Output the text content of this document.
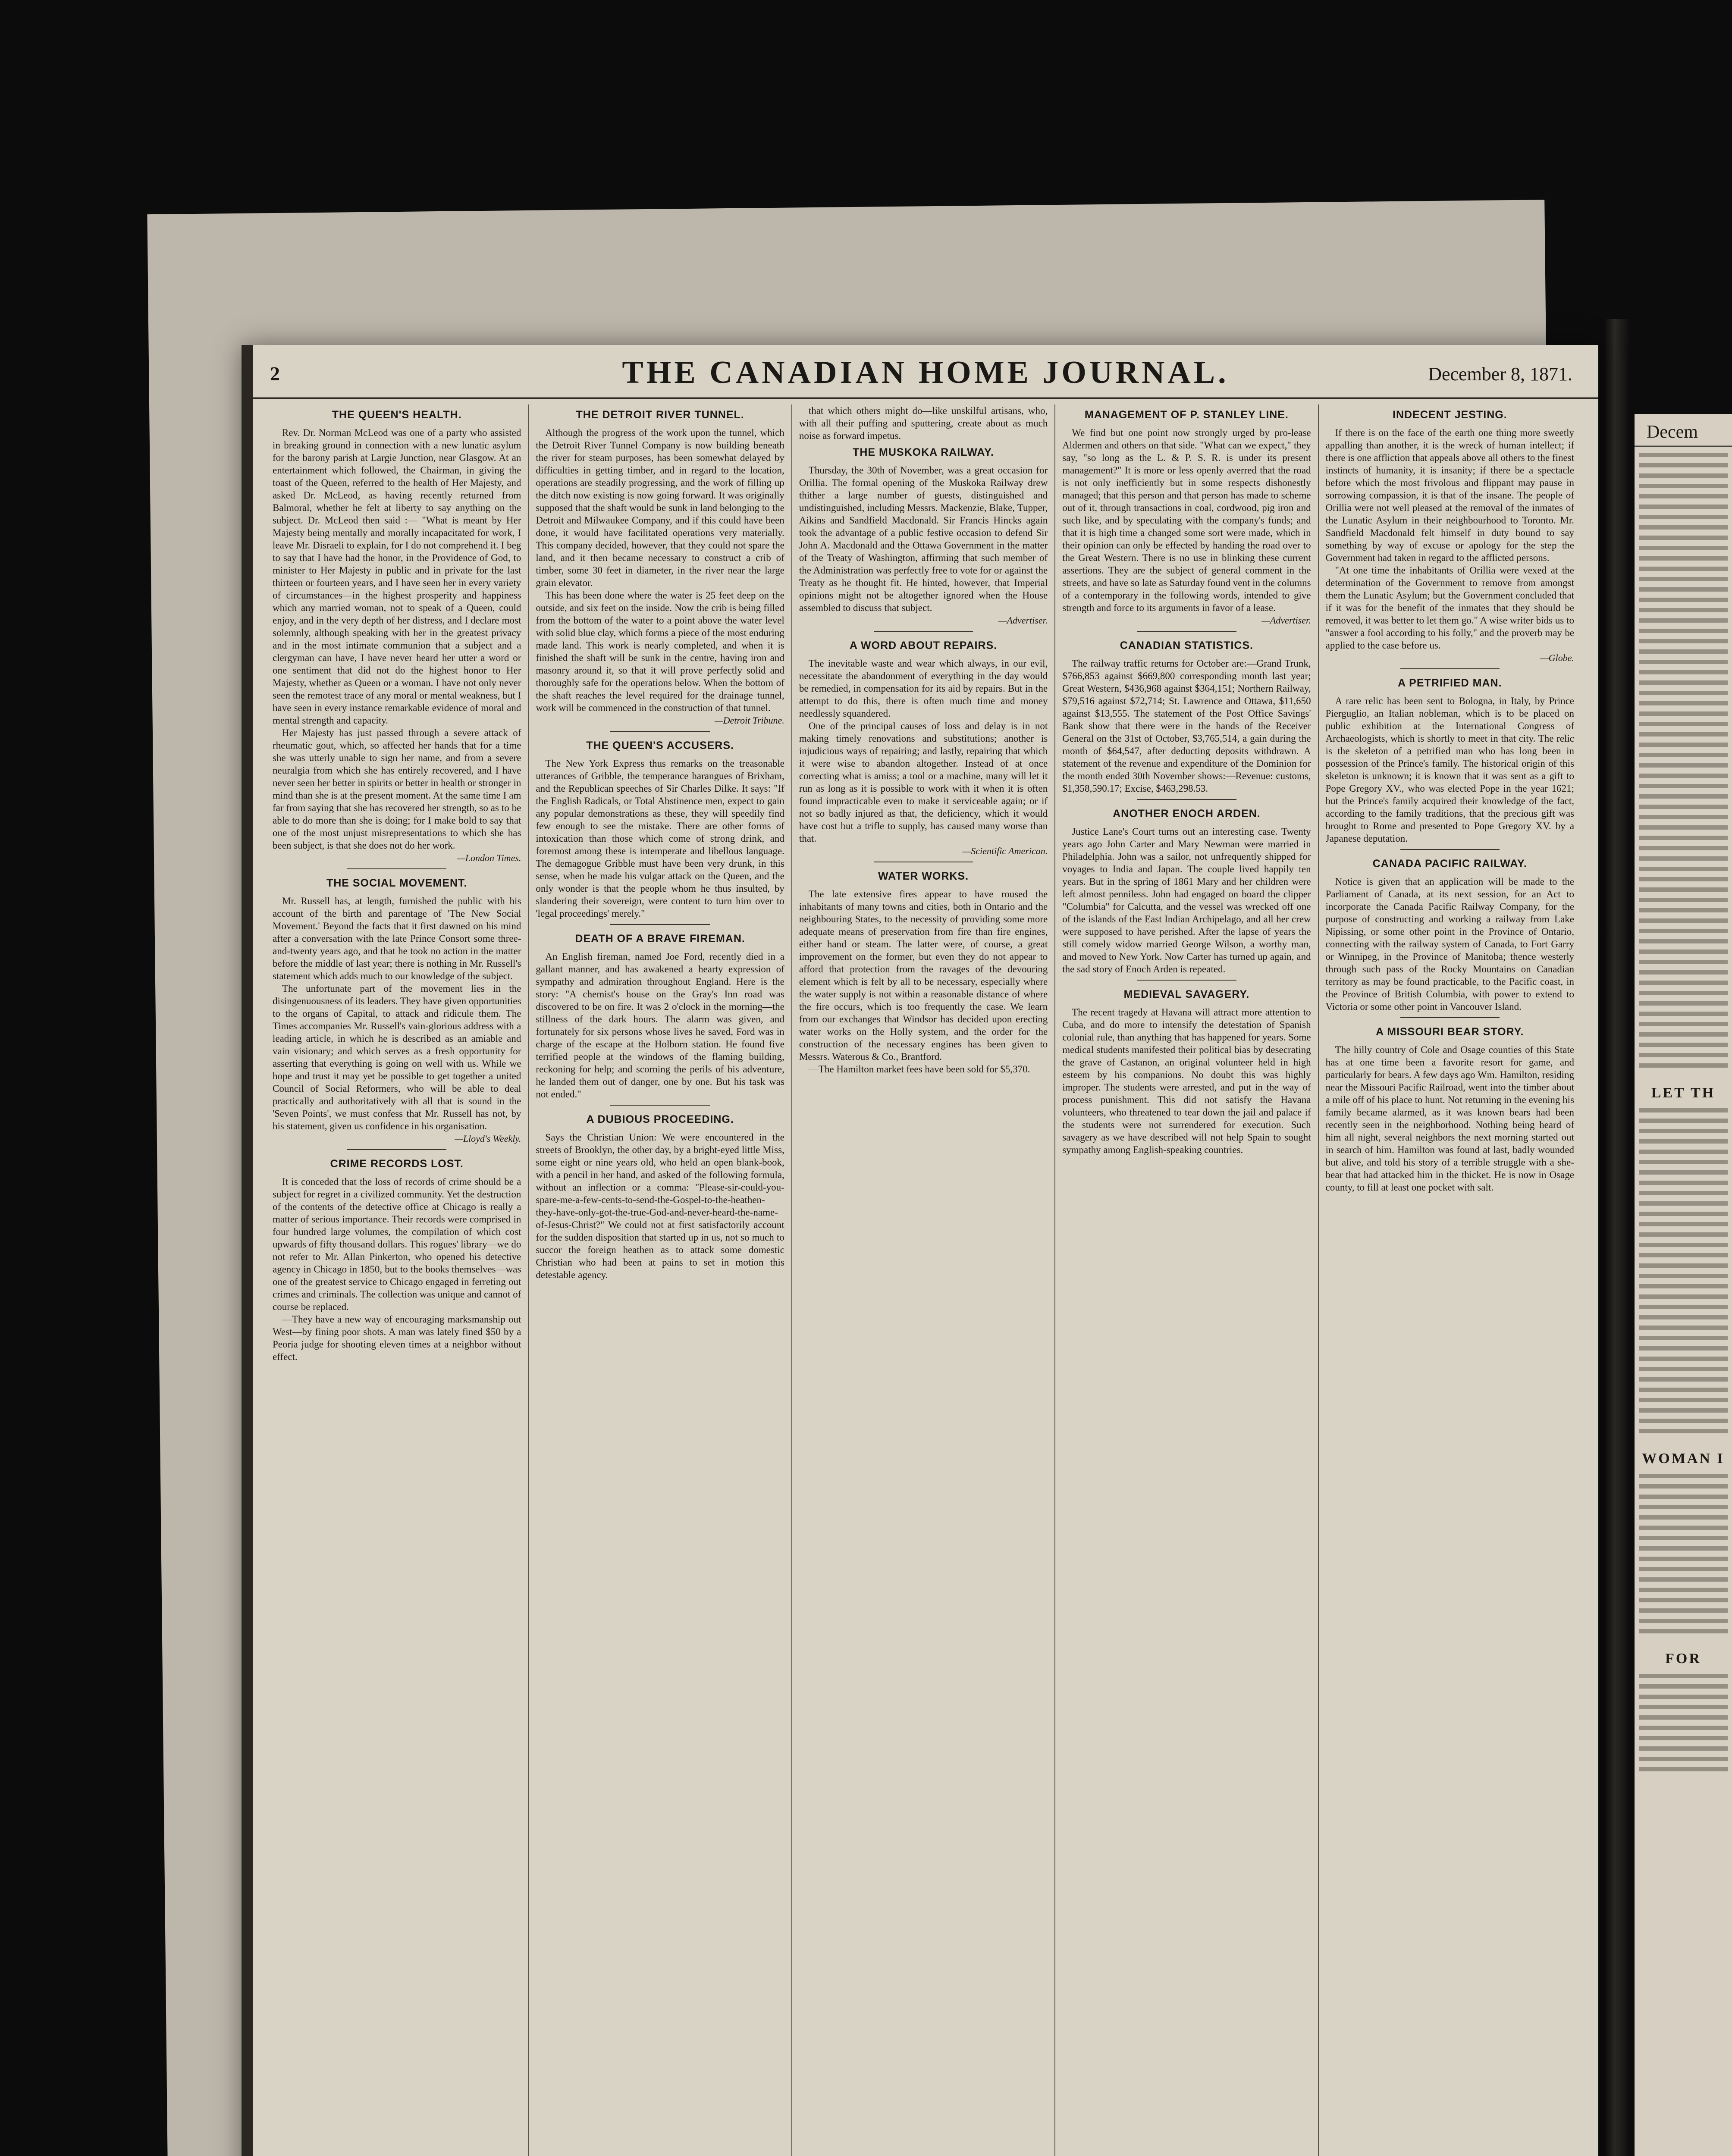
2	THE CANADIAN HOME JOURNAL.	December 8, 1871.
THE QUEEN'S HEALTH.

Rev. Dr. Norman McLeod was one of a party who assisted in breaking ground in connection with a new lunatic asylum for the barony parish at Largie Junction, near Glasgow. At an entertainment which followed, the Chairman, in giving the toast of the Queen, referred to the health of Her Majesty, and asked Dr. McLeod, as having recently returned from Balmoral, whether he felt at liberty to say anything on the subject. Dr. McLeod then said :— "What is meant by Her Majesty being mentally and morally incapacitated for work, I leave Mr. Disraeli to explain, for I do not comprehend it. I beg to say that I have had the honor, in the Providence of God, to minister to Her Majesty in public and in private for the last thirteen or fourteen years, and I have seen her in every variety of circumstances—in the highest prosperity and happiness which any married woman, not to speak of a Queen, could enjoy, and in the very depth of her distress, and I declare most solemnly, although speaking with her in the greatest privacy and in the most intimate communion that a subject and a clergyman can have, I have never heard her utter a word or one sentiment that did not do the highest honor to Her Majesty, whether as Queen or a woman. I have not only never seen the remotest trace of any moral or mental weakness, but I have seen in every instance remarkable evidence of moral and mental strength and capacity.

Her Majesty has just passed through a severe attack of rheumatic gout, which, so affected her hands that for a time she was utterly unable to sign her name, and from a severe neuralgia from which she has entirely recovered, and I have never seen her better in spirits or better in health or stronger in mind than she is at the present moment. At the same time I am far from saying that she has recovered her strength, so as to be able to do more than she is doing; for I make bold to say that one of the most unjust misrepresentations to which she has been subject, is that she does not do her work.

—London Times.
THE SOCIAL MOVEMENT.

Mr. Russell has, at length, furnished the public with his account of the birth and parentage of 'The New Social Movement.' Beyond the facts that it first dawned on his mind after a conversation with the late Prince Consort some three-and-twenty years ago, and that he took no action in the matter before the middle of last year; there is nothing in Mr. Russell's statement which adds much to our knowledge of the subject.

The unfortunate part of the movement lies in the disingenuousness of its leaders. They have given opportunities to the organs of Capital, to attack and ridicule them. The Times accompanies Mr. Russell's vain-glorious address with a leading article, in which he is described as an amiable and vain visionary; and which serves as a fresh opportunity for asserting that everything is going on well with us. While we hope and trust it may yet be possible to get together a united Council of Social Reformers, who will be able to deal practically and authoritatively with all that is sound in the 'Seven Points', we must confess that Mr. Russell has not, by his statement, given us confidence in his organisation.

—Lloyd's Weekly.
CRIME RECORDS LOST.

It is conceded that the loss of records of crime should be a subject for regret in a civilized community. Yet the destruction of the contents of the detective office at Chicago is really a matter of serious importance. Their records were comprised in four hundred large volumes, the compilation of which cost upwards of fifty thousand dollars. This rogues' library—we do not refer to Mr. Allan Pinkerton, who opened his detective agency in Chicago in 1850, but to the books themselves—was one of the greatest service to Chicago engaged in ferreting out crimes and criminals. The collection was unique and cannot of course be replaced.

—They have a new way of encouraging marksmanship out West—by fining poor shots. A man was lately fined $50 by a Peoria judge for shooting eleven times at a neighbor without effect.

THE DETROIT RIVER TUNNEL.

Although the progress of the work upon the tunnel, which the Detroit River Tunnel Company is now building beneath the river for steam purposes, has been somewhat delayed by difficulties in getting timber, and in regard to the location, operations are steadily progressing, and the work of filling up the ditch now existing is now going forward. It was originally supposed that the shaft would be sunk in land belonging to the Detroit and Milwaukee Company, and if this could have been done, it would have facilitated operations very materially. This company decided, however, that they could not spare the land, and it then became necessary to construct a crib of timber, some 30 feet in diameter, in the river near the large grain elevator.

This has been done where the water is 25 feet deep on the outside, and six feet on the inside. Now the crib is being filled from the bottom of the water to a point above the water level with solid blue clay, which forms a piece of the most enduring made land. This work is nearly completed, and when it is finished the shaft will be sunk in the centre, having iron and masonry around it, so that it will prove perfectly solid and thoroughly safe for the operations below. When the bottom of the shaft reaches the level required for the drainage tunnel, work will be commenced in the construction of that tunnel.

—Detroit Tribune.
THE QUEEN'S ACCUSERS.

The New York Express thus remarks on the treasonable utterances of Gribble, the temperance harangues of Brixham, and the Republican speeches of Sir Charles Dilke. It says: "If the English Radicals, or Total Abstinence men, expect to gain any popular demonstrations as these, they will speedily find few enough to see the mistake. There are other forms of intoxication than those which come of strong drink, and foremost among these is intemperate and libellous language. The demagogue Gribble must have been very drunk, in this sense, when he made his vulgar attack on the Queen, and the only wonder is that the people whom he thus insulted, by slandering their sovereign, were content to turn him over to 'legal proceedings' merely."

DEATH OF A BRAVE FIREMAN.

An English fireman, named Joe Ford, recently died in a gallant manner, and has awakened a hearty expression of sympathy and admiration throughout England. Here is the story: "A chemist's house on the Gray's Inn road was discovered to be on fire. It was 2 o'clock in the morning—the stillness of the dark hours. The alarm was given, and fortunately for six persons whose lives he saved, Ford was in charge of the escape at the Holborn station. He found five terrified people at the windows of the flaming building, reckoning for help; and scorning the perils of his adventure, he landed them out of danger, one by one. But his task was not ended."

A DUBIOUS PROCEEDING.

Says the Christian Union: We were encountered in the streets of Brooklyn, the other day, by a bright-eyed little Miss, some eight or nine years old, who held an open blank-book, with a pencil in her hand, and asked of the following formula, without an inflection or a comma: "Please-sir-could-you-spare-me-a-few-cents-to-send-the-Gospel-to-the-heathen-they-have-only-got-the-true-God-and-never-heard-the-name-of-Jesus-Christ?" We could not at first satisfactorily account for the sudden disposition that started up in us, not so much to succor the foreign heathen as to attack some domestic Christian who had been at pains to set in motion this detestable agency.

that which others might do—like unskilful artisans, who, with all their puffing and sputtering, create about as much noise as forward impetus.

THE MUSKOKA RAILWAY.

Thursday, the 30th of November, was a great occasion for Orillia. The formal opening of the Muskoka Railway drew thither a large number of guests, distinguished and undistinguished, including Messrs. Mackenzie, Blake, Tupper, Aikins and Sandfield Macdonald. Sir Francis Hincks again took the advantage of a public festive occasion to defend Sir John A. Macdonald and the Ottawa Government in the matter of the Treaty of Washington, affirming that such member of the Administration was perfectly free to vote for or against the Treaty as he thought fit. He hinted, however, that Imperial opinions might not be altogether ignored when the House assembled to discuss that subject.

—Advertiser.
A WORD ABOUT REPAIRS.

The inevitable waste and wear which always, in our evil, necessitate the abandonment of everything in the day would be remedied, in compensation for its aid by repairs. But in the attempt to do this, there is often much time and money needlessly squandered.

One of the principal causes of loss and delay is in not making timely renovations and substitutions; another is injudicious ways of repairing; and lastly, repairing that which it were wise to abandon altogether. Instead of at once correcting what is amiss; a tool or a machine, many will let it run as long as it is possible to work with it when it is often found impracticable even to make it serviceable again; or if not so badly injured as that, the deficiency, which it would have cost but a trifle to supply, has caused many worse than that.

—Scientific American.
WATER WORKS.

The late extensive fires appear to have roused the inhabitants of many towns and cities, both in Ontario and the neighbouring States, to the necessity of providing some more adequate means of preservation from fire than fire engines, either hand or steam. The latter were, of course, a great improvement on the former, but even they do not appear to afford that protection from the ravages of the devouring element which is felt by all to be necessary, especially where the water supply is not within a reasonable distance of where the fire occurs, which is too frequently the case. We learn from our exchanges that Windsor has decided upon erecting water works on the Holly system, and the order for the construction of the necessary engines has been given to Messrs. Waterous & Co., Brantford.

—The Hamilton market fees have been sold for $5,370.

MANAGEMENT OF P. STANLEY LINE.

We find but one point now strongly urged by pro-lease Aldermen and others on that side. "What can we expect," they say, "so long as the L. & P. S. R. is under its present management?" It is more or less openly averred that the road is not only inefficiently but in some respects dishonestly managed; that this person and that person has made to scheme out of it, through transactions in coal, cordwood, pig iron and such like, and by speculating with the company's funds; and that it is high time a changed some sort were made, which in their opinion can only be effected by handing the road over to the Great Western. There is no use in blinking these current assertions. They are the subject of general comment in the streets, and have so late as Saturday found vent in the columns of a contemporary in the following words, intended to give strength and force to its arguments in favor of a lease.

—Advertiser.
CANADIAN STATISTICS.

The railway traffic returns for October are:—Grand Trunk, $766,853 against $669,800 corresponding month last year; Great Western, $436,968 against $364,151; Northern Railway, $79,516 against $72,714; St. Lawrence and Ottawa, $11,650 against $13,555. The statement of the Post Office Savings' Bank show that there were in the hands of the Receiver General on the 31st of October, $3,765,514, a gain during the month of $64,547, after deducting deposits withdrawn. A statement of the revenue and expenditure of the Dominion for the month ended 30th November shows:—Revenue: customs, $1,358,590.17; Excise, $463,298.53.

ANOTHER ENOCH ARDEN.

Justice Lane's Court turns out an interesting case. Twenty years ago John Carter and Mary Newman were married in Philadelphia. John was a sailor, not unfrequently shipped for voyages to India and Japan. The couple lived happily ten years. But in the spring of 1861 Mary and her children were left almost penniless. John had engaged on board the clipper "Columbia" for Calcutta, and the vessel was wrecked off one of the islands of the East Indian Archipelago, and all her crew were supposed to have perished. After the lapse of years the still comely widow married George Wilson, a worthy man, and moved to New York. Now Carter has turned up again, and the sad story of Enoch Arden is repeated.

MEDIEVAL SAVAGERY.

The recent tragedy at Havana will attract more attention to Cuba, and do more to intensify the detestation of Spanish colonial rule, than anything that has happened for years. Some medical students manifested their political bias by desecrating the grave of Castanon, an original volunteer held in high esteem by his companions. No doubt this was highly improper. The students were arrested, and put in the way of process punishment. This did not satisfy the Havana volunteers, who threatened to tear down the jail and palace if the students were not surrendered for execution. Such savagery as we have described will not help Spain to sought sympathy among English-speaking countries.

INDECENT JESTING.

If there is on the face of the earth one thing more sweetly appalling than another, it is the wreck of human intellect; if there is one affliction that appeals above all others to the finest instincts of humanity, it is insanity; if there be a spectacle before which the most frivolous and flippant may pause in sorrowing compassion, it is that of the insane. The people of Orillia were not well pleased at the removal of the inmates of the Lunatic Asylum in their neighbourhood to Toronto. Mr. Sandfield Macdonald felt himself in duty bound to say something by way of excuse or apology for the step the Government had taken in regard to the afflicted persons.

"At one time the inhabitants of Orillia were vexed at the determination of the Government to remove from amongst them the Lunatic Asylum; but the Government concluded that if it was for the benefit of the inmates that they should be removed, it was better to let them go." A wise writer bids us to "answer a fool according to his folly," and the proverb may be applied to the case before us.

—Globe.
A PETRIFIED MAN.

A rare relic has been sent to Bologna, in Italy, by Prince Pierguglio, an Italian nobleman, which is to be placed on public exhibition at the International Congress of Archaeologists, which is shortly to meet in that city. The relic is the skeleton of a petrified man who has long been in possession of the Prince's family. The historical origin of this skeleton is unknown; it is known that it was sent as a gift to Pope Gregory XV., who was elected Pope in the year 1621; but the Prince's family acquired their knowledge of the fact, according to the family traditions, that the precious gift was brought to Rome and presented to Pope Gregory XV. by a Japanese deputation.

CANADA PACIFIC RAILWAY.

Notice is given that an application will be made to the Parliament of Canada, at its next session, for an Act to incorporate the Canada Pacific Railway Company, for the purpose of constructing and working a railway from Lake Nipissing, or some other point in the Province of Ontario, connecting with the railway system of Canada, to Fort Garry or Winnipeg, in the Province of Manitoba; thence westerly through such pass of the Rocky Mountains on Canadian territory as may be found practicable, to the Pacific coast, in the Province of British Columbia, with power to extend to Victoria or some other point in Vancouver Island.

A MISSOURI BEAR STORY.

The hilly country of Cole and Osage counties of this State has at one time been a favorite resort for game, and particularly for bears. A few days ago Wm. Hamilton, residing near the Missouri Pacific Railroad, went into the timber about a mile off of his place to hunt. Not returning in the evening his family became alarmed, as it was known bears had been recently seen in the neighborhood. Nothing being heard of him all night, several neighbors the next morning started out in search of him. Hamilton was found at last, badly wounded but alive, and told his story of a terrible struggle with a she-bear that had attacked him in the thicket. He is now in Osage county, to fill at least one pocket with salt.

Decem
LET TH
WOMAN I
FOR
